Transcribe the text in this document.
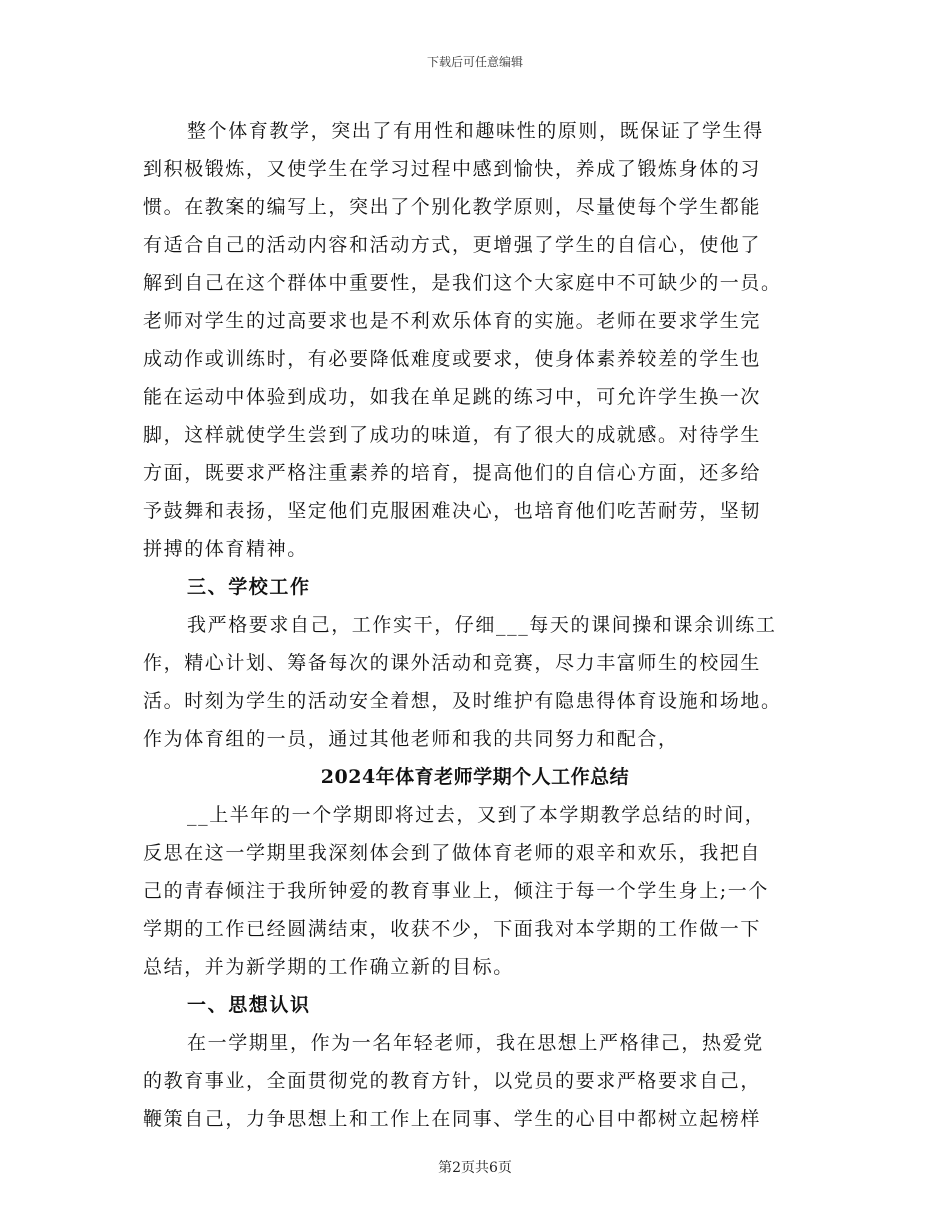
下载后可任意编辑
整个体育教学，突出了有用性和趣味性的原则，既保证了学生得
到积极锻炼，又使学生在学习过程中感到愉快，养成了锻炼身体的习
惯。在教案的编写上，突出了个别化教学原则，尽量使每个学生都能
有适合自己的活动内容和活动方式，更增强了学生的自信心，使他了
解到自己在这个群体中重要性，是我们这个大家庭中不可缺少的一员。
老师对学生的过高要求也是不利欢乐体育的实施。老师在要求学生完
成动作或训练时，有必要降低难度或要求，使身体素养较差的学生也
能在运动中体验到成功，如我在单足跳的练习中，可允许学生换一次
脚，这样就使学生尝到了成功的味道，有了很大的成就感。对待学生
方面，既要求严格注重素养的培育，提高他们的自信心方面，还多给
予鼓舞和表扬，坚定他们克服困难决心，也培育他们吃苦耐劳，坚韧
拼搏的体育精神。
三、学校工作
我严格要求自己，工作实干，仔细___每天的课间操和课余训练工
作，精心计划、筹备每次的课外活动和竞赛，尽力丰富师生的校园生
活。时刻为学生的活动安全着想，及时维护有隐患得体育设施和场地。
作为体育组的一员，通过其他老师和我的共同努力和配合，
2024年体育老师学期个人工作总结
__上半年的一个学期即将过去，又到了本学期教学总结的时间，
反思在这一学期里我深刻体会到了做体育老师的艰辛和欢乐，我把自
己的青春倾注于我所钟爱的教育事业上，倾注于每一个学生身上;一个
学期的工作已经圆满结束，收获不少，下面我对本学期的工作做一下
总结，并为新学期的工作确立新的目标。
一、思想认识
在一学期里，作为一名年轻老师，我在思想上严格律己，热爱党
的教育事业，全面贯彻党的教育方针，以党员的要求严格要求自己，
鞭策自己，力争思想上和工作上在同事、学生的心目中都树立起榜样
第2页共6页
